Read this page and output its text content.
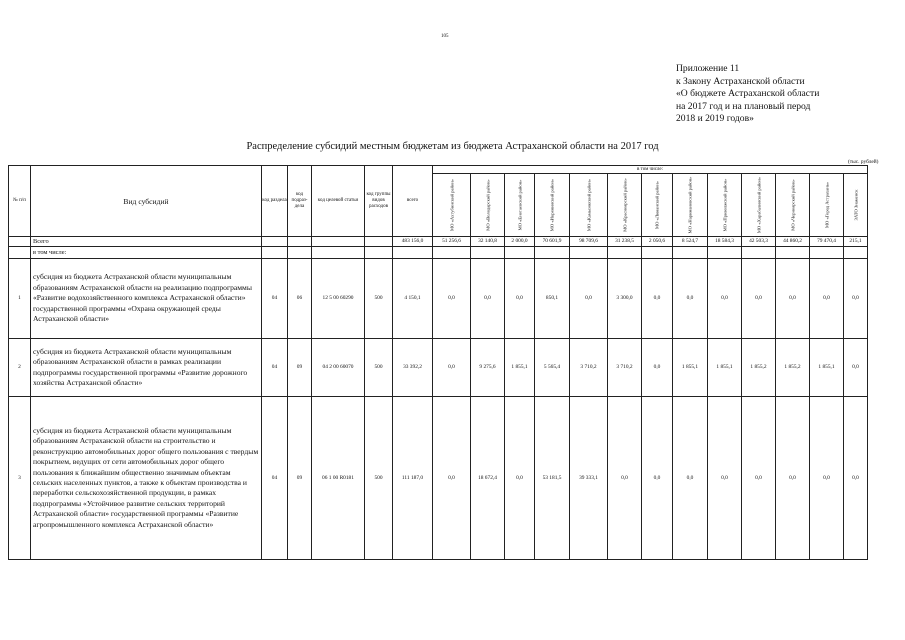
105
Приложение 11
к Закону Астраханской области
«О бюджете Астраханской области
на 2017 год и на плановый перод
2018 и 2019 годов»
Распределение субсидий местным бюджетам из бюджета Астраханской области на 2017 год
(тыс. рублей)
№ п/п	Вид субсидий	код раздела	код подраз- дела	код целевой статьи	код группы видов расходов	всего	в том числе:												

							МО «Ахтубинский район»	МО «Володарский район»	МО «Енотаевский район»	МО «Икрянинский район»	МО «Камызякский район»	МО «Красноярский район»	МО «Лиманский район»	МО «Наримановский район»	МО «Приволжский район»	МО «Харабалинский район»	МО «Черноярский район»	МО «Город Астрахань»	ЗАТО Знаменск

	Всего					483 156,0	51 256,6	32 140,8	2 000,0	70 601,9	98 709,6	31 238,5	2 050,6	8 524,7	18 584,3	42 503,3	44 860,2	79 470,4	215,1
	в том числе:																		
1	субсидия из бюджета Астраханской области муниципальным образованиям Астраханской области на реализацию подпрограммы «Развитие водохозяйственного комплекса Астраханской области» государственной программы «Охрана окружающей среды Астраханской области»	04	06	12 5 00 60290	500	4 150,1	0,0	0,0	0,0	850,1	0,0	3 300,0	0,0	0,0	0,0	0,0	0,0	0,0	0,0
2	субсидия из бюджета Астраханской области муниципальным образованиям Астраханской области в рамках реализации подпрограммы государственной программы «Развитие дорожного хозяйства Астраханской области»	04	09	04 2 00 60070	500	33 392,2	0,0	9 275,6	1 855,1	5 565,4	3 710,2	3 710,2	0,0	1 855,1	1 855,1	1 855,2	1 855,2	1 855,1	0,0
3	субсидия из бюджета Астраханской области муниципальным образованиям Астраханской области на строительство и реконструкцию автомобильных дорог общего пользования с твердым покрытием, ведущих от сети автомобильных дорог общего пользования к ближайшим общественно значимым объектам сельских населенных пунктов, а также к объектам производства и переработки сельскохозяйственной продукции, в рамках подпрограммы «Устойчивое развитие сельских территорий Астраханской области» государственной программы «Развитие агропромышленного комплекса Астраханской области»	04	09	06 1 00 R0181	500	111 187,0	0,0	18 672,4	0,0	53 181,5	39 333,1	0,0	0,0	0,0	0,0	0,0	0,0	0,0	0,0
